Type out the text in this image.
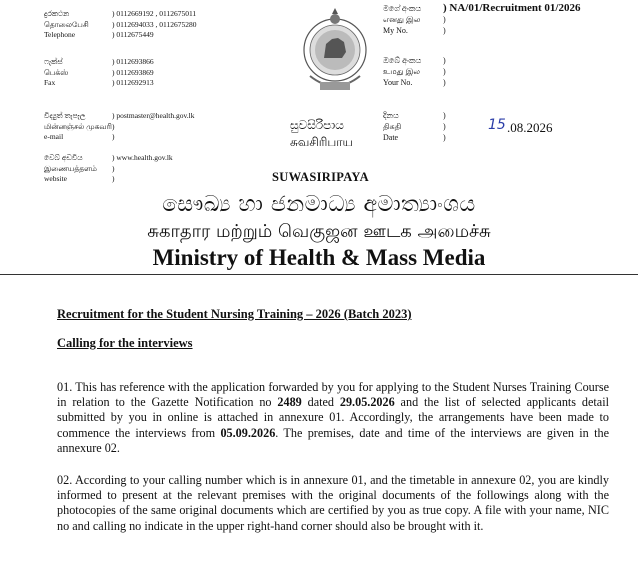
දුරකථන	) 0112669192 , 0112675011
தொலைபேசி	) 0112694033 , 0112675280
Telephone	) 0112675449
ෆැක්ස්	) 0112693866
பெக்ஸ்	) 0112693869
Fax	) 0112692913
විද්‍යුත් තැපෑල	) postmaster@health.gov.lk
மின்னஞ்சல் முகவரி )
e-mail	)
වෙබ් අඩවිය	) www.health.gov.lk
இணையத்தளம்	)
website	)
සුවසිරිපාය
சுவசிரிபாய
SUWASIRIPAYA
මගේ අංකය	) NA/01/Recruitment 01/2026
எனது இல	)
My No.	)
ඔබේ අංකය	)
உமது இல	)
Your No.	)
දිනය	)
திகதி	)
Date	)
15 .08.2026
සෞඛ්‍ය හා ජනමාධ්‍ය අමාත්‍යාංශය
சுகாதார மற்றும் வெகுஜன ஊடக அமைச்சு
Ministry of Health & Mass Media
Recruitment for the Student Nursing Training – 2026 (Batch 2023)
Calling for the interviews
01. This has reference with the application forwarded by you for applying to the Student Nurses Training Course in relation to the Gazette Notification no 2489 dated 29.05.2026 and the list of selected applicants detail submitted by you in online is attached in annexure 01. Accordingly, the arrangements have been made to commence the interviews from 05.09.2026. The premises, date and time of the interviews are given in the annexure 02.
02. According to your calling number which is in annexure 01, and the timetable in annexure 02, you are kindly informed to present at the relevant premises with the original documents of the followings along with the photocopies of the same original documents which are certified by you as true copy. A file with your name, NIC no and calling no indicate in the upper right-hand corner should also be brought with it.
